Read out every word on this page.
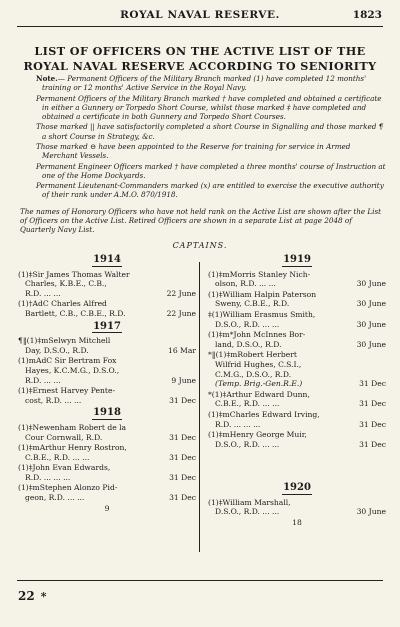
ROYAL NAVAL RESERVE.	1823
LIST OF OFFICERS ON THE ACTIVE LIST OF THE
ROYAL NAVAL RESERVE ACCORDING TO SENIORITY

Note.— Permanent Officers of the Military Branch marked (1) have completed 12 months' training or 12 months' Active Service in the Royal Navy.

Permanent Officers of the Military Branch marked † have completed and obtained a certificate in either a Gunnery or Torpedo Short Course, whilst those marked ‡ have completed and obtained a certificate in both Gunnery and Torpedo Short Courses.

Those marked || have satisfactorily completed a short Course in Signalling and those marked ¶ a short Course in Strategy, &c.

Those marked ⊖ have been appointed to the Reserve for training for service in Armed Merchant Vessels.

Permanent Engineer Officers marked † have completed a three months' course of Instruction at one of the Home Dockyards.

Permanent Lieutenant-Commanders marked (x) are entitled to exercise the executive authority of their rank under A.M.O. 870/1918.

The names of Honorary Officers who have not held rank on the Active List are shown after the List of Officers on the Active List. Retired Officers are shown in a separate List at page 2048 of Quarterly Navy List.
CAPTAINS.
1914
(1)‡Sir James Thomas Walter
Charles, K.B.E., C.B.,
R.D. ... ...	22 June
(1)†AdC Charles Alfred
Bartlett, C.B., C.B.E., R.D.	22 June
1917
¶‖(1)‡mSelwyn Mitchell
Day, D.S.O., R.D.	16 Mar
(1)mAdC Sir Bertram Fox
Hayes, K.C.M.G., D.S.O.,
R.D. ... ...	9 June
(1)‡Ernest Harvey Pente-
cost, R.D. ... ...	31 Dec
1918
(1)‡Newenham Robert de la
Cour Cornwall, R.D.	31 Dec
(1)‡mArthur Henry Rostron,
C.B.E., R.D. ... ...	31 Dec
(1)‡John Evan Edwards,
R.D. ... ... ...	31 Dec
(1)‡mStephen Alonzo Pid-
geon, R.D. ... ...	31 Dec
9
1919
(1)‡mMorris Stanley Nich-
olson, R.D. ... ...	30 June
(1)‡William Halpin Paterson
Sweny, C.B.E., R.D.	30 June
‡(1)William Erasmus Smith,
D.S.O., R.D. ... ...	30 June
(1)‡m*John McInnes Bor-
land, D.S.O., R.D.	30 June
*‖(1)‡mRobert Herbert
Wilfrid Hughes, C.S.I.,
C.M.G., D.S.O., R.D.
(Temp. Brig.-Gen.R.E.)	31 Dec
*(1)‡Arthur Edward Dunn,
C.B.E., R.D. ... ...	31 Dec
(1)‡mCharles Edward Irving,
R.D. ... ... ...	31 Dec
(1)‡mHenry George Muir,
D.S.O., R.D. ... ...	31 Dec
1920
(1)‡William Marshall,
D.S.O., R.D. ... ...	30 June
18
22 *
